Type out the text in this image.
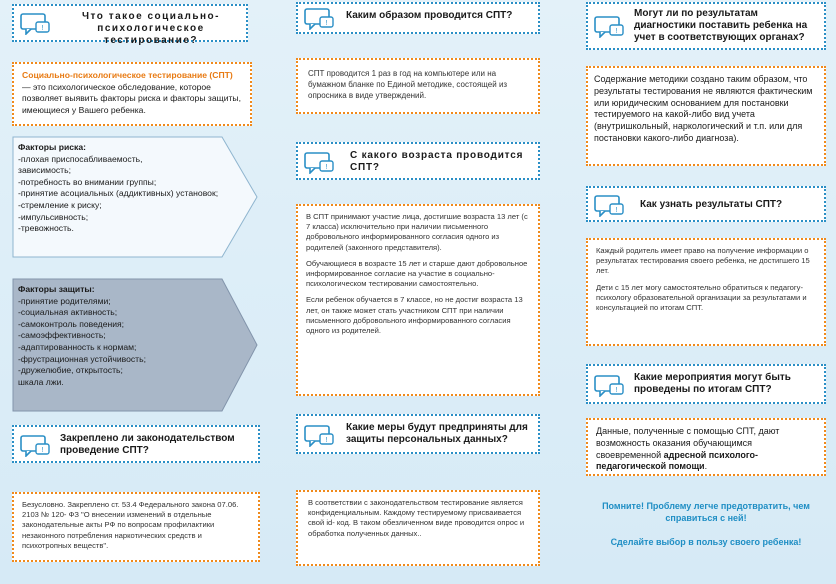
!
Что такое социально-психологическое тестирование?
Социально-психологическое тестирование (СПТ) — это психологическое обследование, которое позволяет выявить факторы риска и факторы защиты, имеющиеся у Вашего ребенка.
Факторы риска:
-плохая приспосабливаемость,
зависимость;
-потребность во внимании группы;
-принятие асоциальных (аддиктивных) установок;
-стремление к риску;
-импульсивность;
-тревожность.
Факторы защиты:
-принятие родителями;
-социальная активность;
-самоконтроль поведения;
-самоэффективность;
-адаптированность к нормам;
-фрустрационная устойчивость;
-дружелюбие, открытость;
шкала лжи.
!
Закреплено ли законодательством проведение СПТ?
Безусловно. Закреплено ст. 53.4 Федерального закона 07.06. 2103 № 120- ФЗ "О внесении изменений в отдельные законодательные акты РФ по вопросам профилактики незаконного потребления наркотических средств и психотропных веществ".
!
Каким образом проводится СПТ?
СПТ проводится 1 раз в год на компьютере или на бумажном бланке по Единой методике, состоящей из опросника в виде утверждений.
!
С какого возраста проводится СПТ?

В СПТ принимают участие лица, достигшие возраста 13 лет (с 7 класса) исключительно при наличии письменного добровольного информированного согласия одного из родителей (законного представителя).

Обучающиеся в возрасте 15 лет и старше дают добровольное информированное согласие на участие в социально-психологическом тестировании самостоятельно.

Если ребенок обучается в 7 классе, но не достиг возраста 13 лет, он также может стать участником СПТ при наличии письменного добровольного информированного согласия одного из родителей.

!
Какие меры будут предприняты для защиты персональных данных?
В соответствии с законодательством тестирование является конфиденциальным. Каждому тестируемому присваивается свой id- код. В таком обезличенном виде проводится опрос и обработка полученных данных..
!
Могут ли по результатам диагностики поставить ребенка на учет в соответствующих органах?
Содержание методики создано таким образом, что результаты тестирования не являются фактическим или юридическим основанием для постановки тестируемого на какой-либо вид учета (внутришкольный, наркологический и т.п. или для постановки какого-либо диагноза).
!
Как узнать результаты СПТ?

Каждый родитель имеет право на получение информации о результатах тестирования своего ребенка, не достигшего 15 лет.

Дети с 15 лет могу самостоятельно обратиться к педагогу-психологу образовательной организации за результатами и консультацией по итогам СПТ.

!
Какие мероприятия могут быть проведены по итогам СПТ?
Данные, полученные с помощью СПТ, дают возможность оказания обучающимся своевременной адресной психолого-педагогической помощи.
Помните! Проблему легче предотвратить, чем справиться с ней!
Сделайте выбор в пользу своего ребенка!
